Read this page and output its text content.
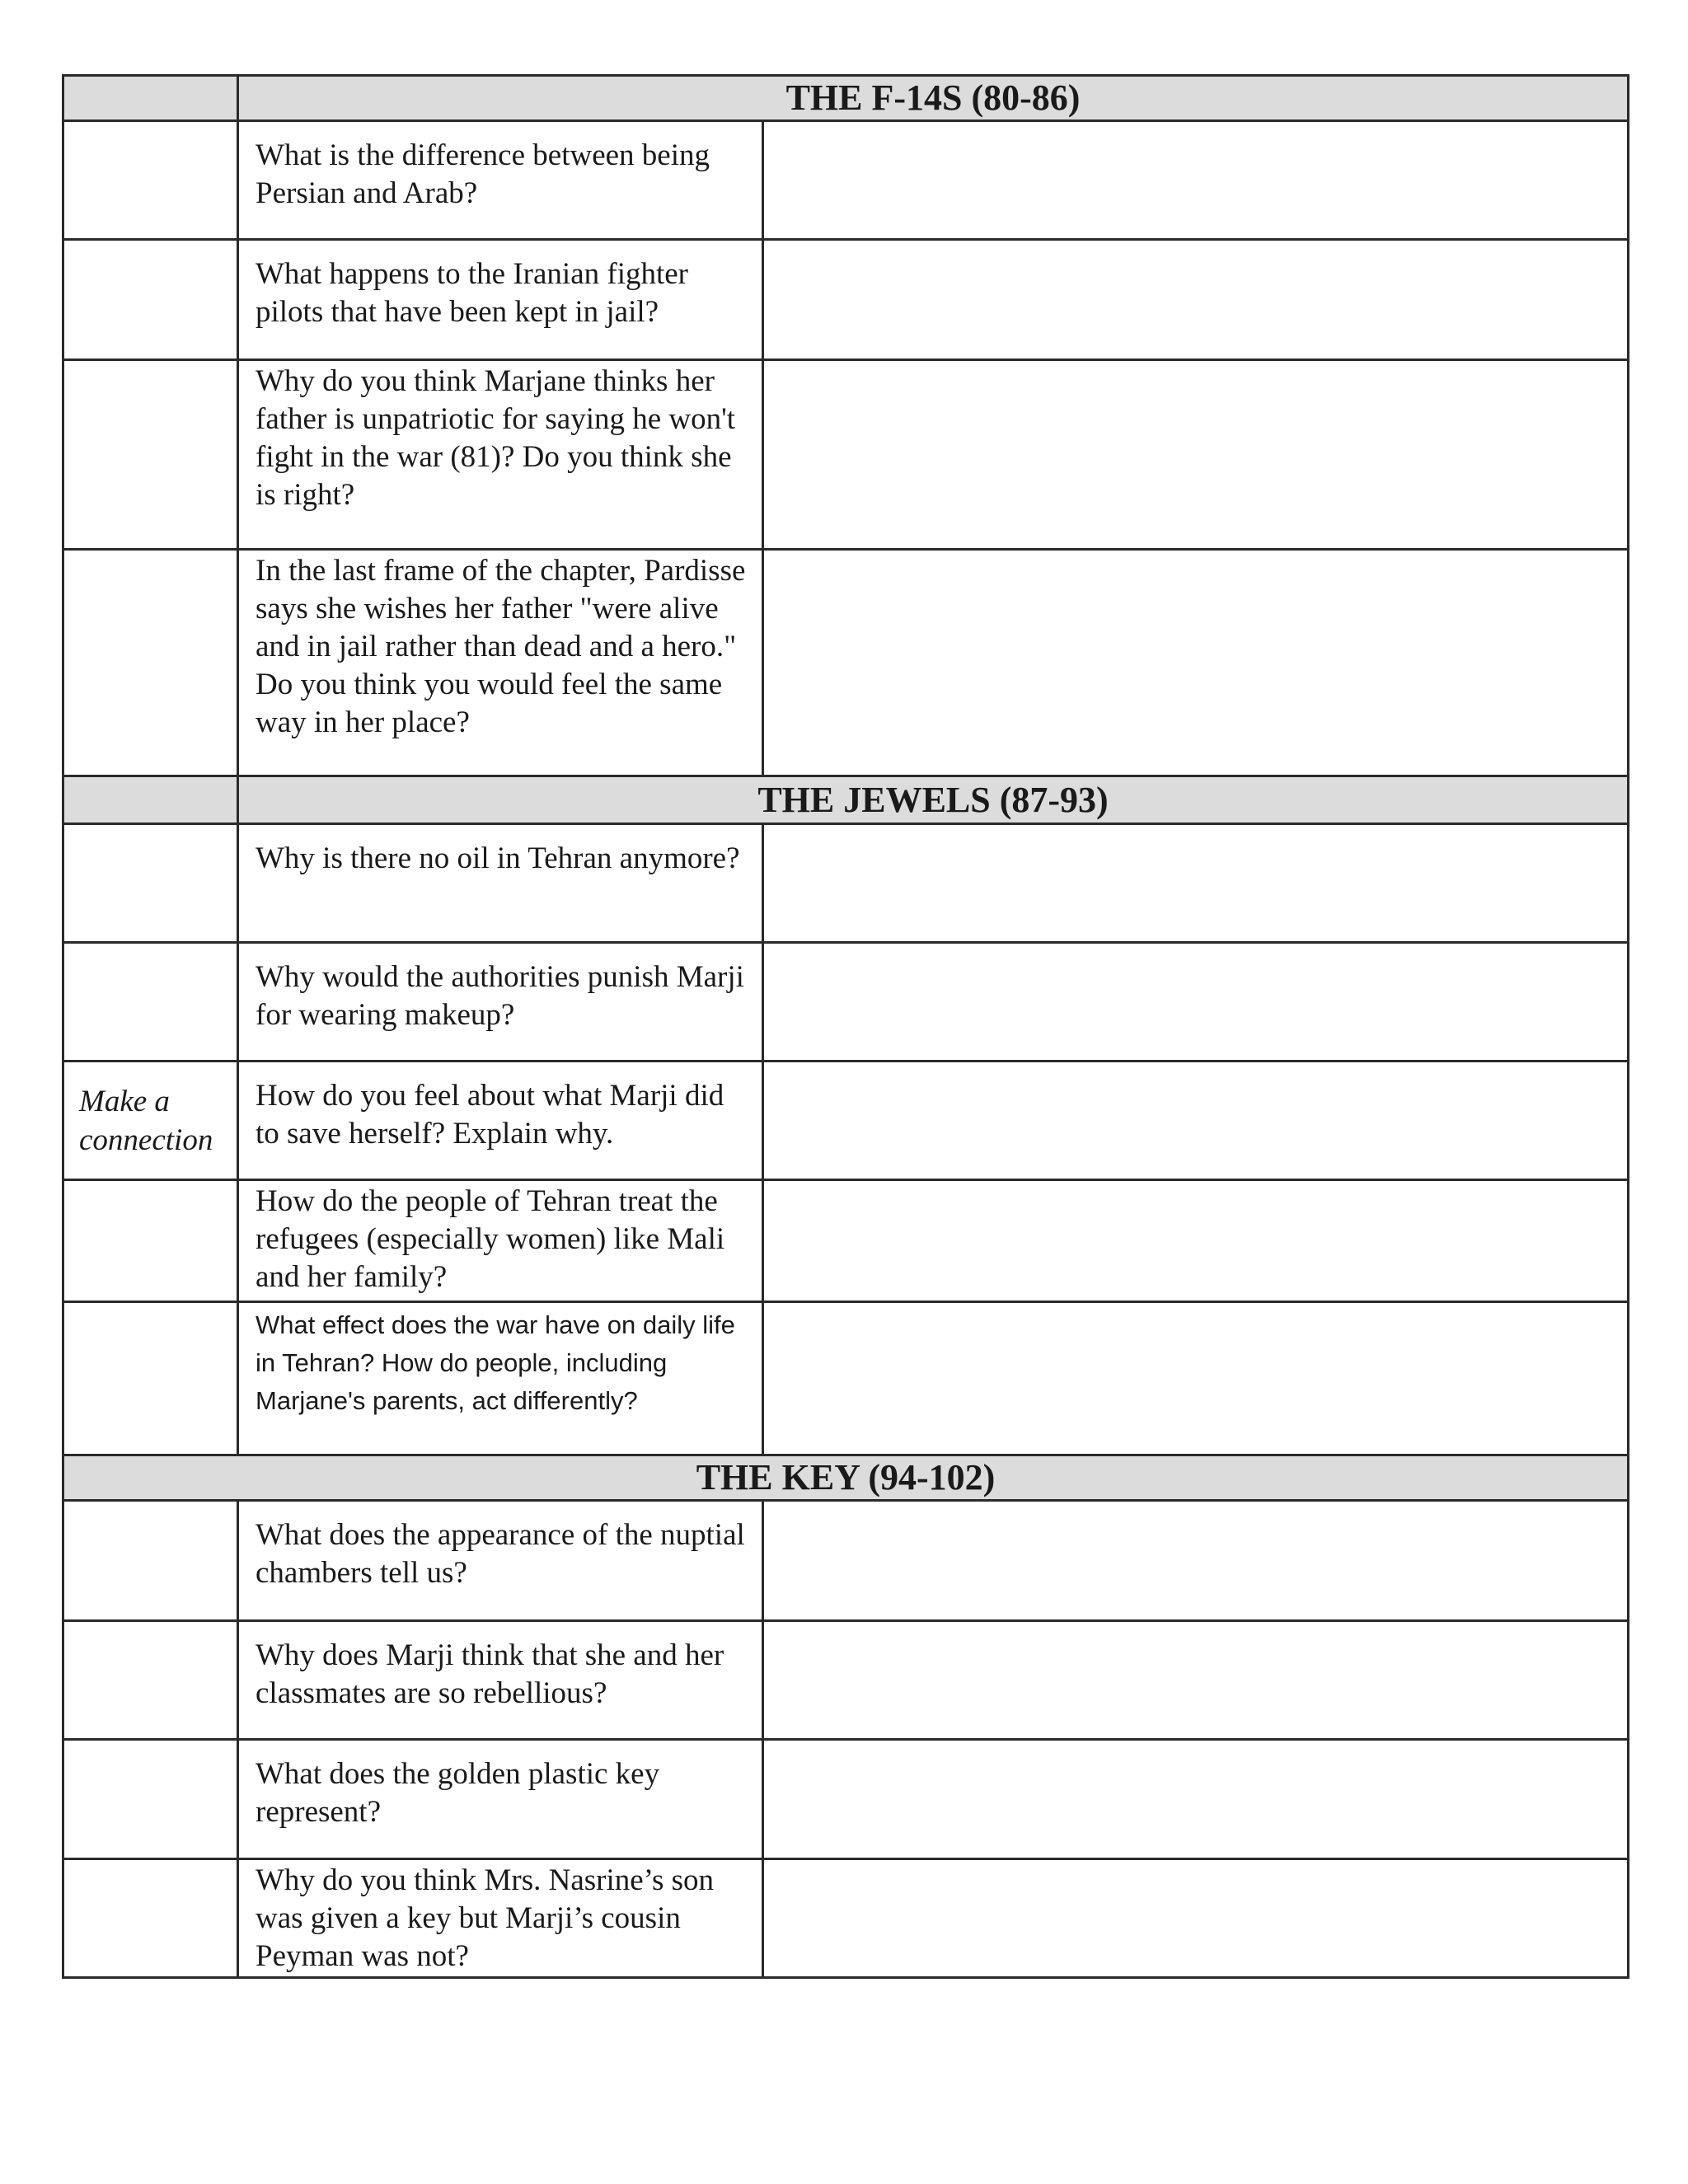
	THE F-14S (80-86)	
	What is the difference between being Persian and Arab?	
	What happens to the Iranian fighter pilots that have been kept in jail?	
	Why do you think Marjane thinks her father is unpatriotic for saying he won't fight in the war (81)? Do you think she is right?	
	In the last frame of the chapter, Pardisse says she wishes her father "were alive and in jail rather than dead and a hero." Do you think you would feel the same way in her place?	
	THE JEWELS (87-93)	
	Why is there no oil in Tehran anymore?	
	Why would the authorities punish Marji for wearing makeup?	
Make a connection	How do you feel about what Marji did to save herself? Explain why.	
	How do the people of Tehran treat the refugees (especially women) like Mali and her family?	
	What effect does the war have on daily life in Tehran? How do people, including Marjane's parents, act differently?	
THE KEY (94-102)		
	What does the appearance of the nuptial chambers tell us?	
	Why does Marji think that she and her classmates are so rebellious?	
	What does the golden plastic key represent?	
	Why do you think Mrs. Nasrine’s son was given a key but Marji’s cousin Peyman was not?	
